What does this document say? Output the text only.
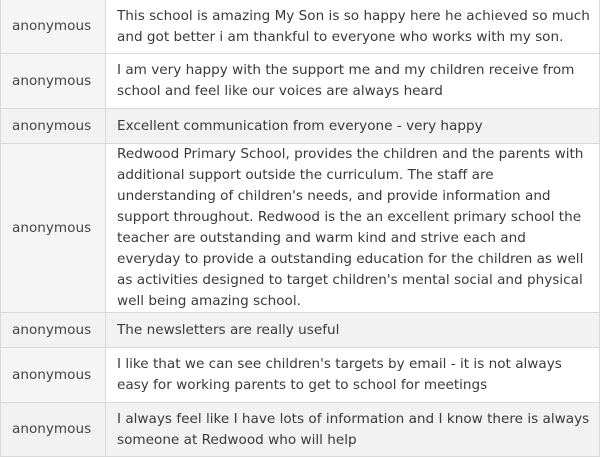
anonymous	This school is amazing My Son is so happy here he achieved so much and got better i am thankful to everyone who works with my son.
anonymous	I am very happy with the support me and my children receive from school and feel like our voices are always heard
anonymous	Excellent communication from everyone - very happy
anonymous	Redwood Primary School, provides the children and the parents with additional support outside the curriculum. The staff are understanding of children's needs, and provide information and support throughout. Redwood is the an excellent primary school the teacher are outstanding and warm kind and strive each and everyday to provide a outstanding education for the children as well as activities designed to target children's mental social and physical well being amazing school.
anonymous	The newsletters are really useful
anonymous	I like that we can see children's targets by email - it is not always easy for working parents to get to school for meetings
anonymous	I always feel like I have lots of information and I know there is always someone at Redwood who will help
